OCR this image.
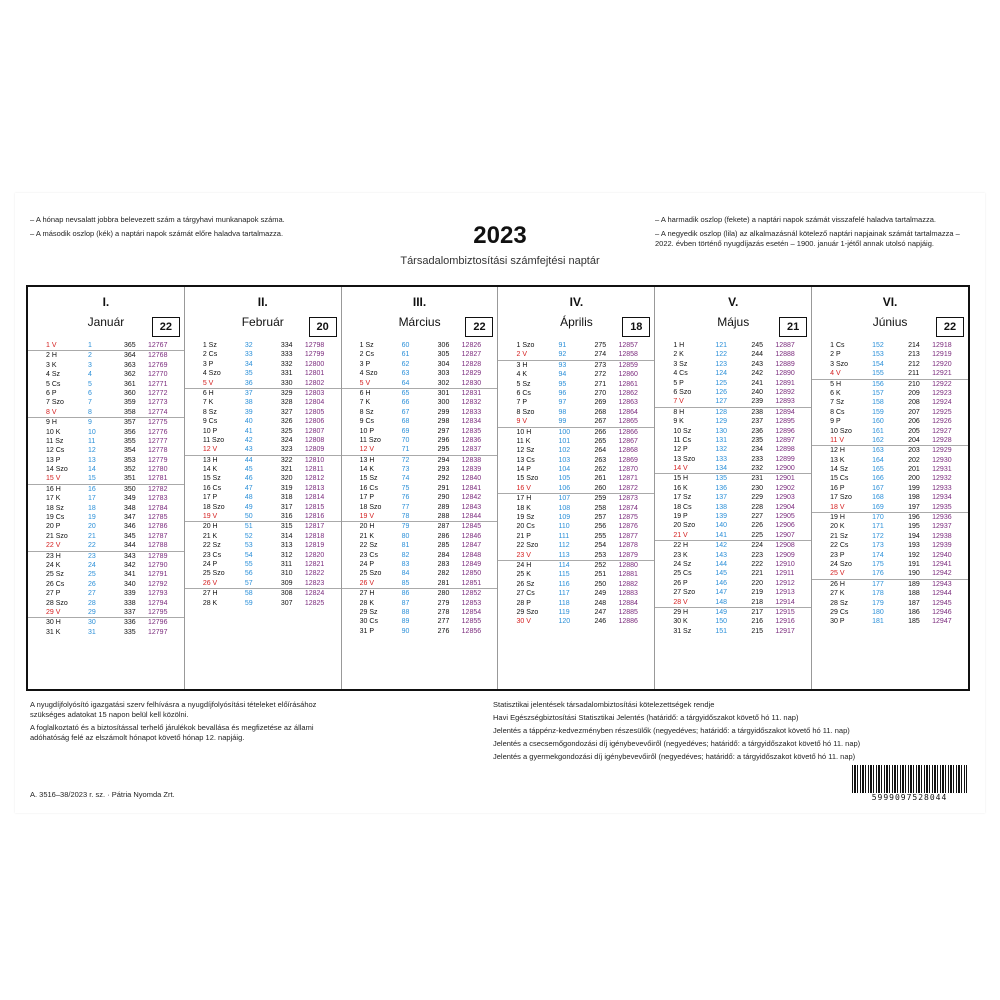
– A hónap nevsalatt jobbra belevezett szám a tárgyhavi munkanapok száma.

– A második oszlop (kék) a naptári napok számát előre haladva tartalmazza.

– A harmadik oszlop (fekete) a naptári napok számát visszafelé haladva tartalmazza.

– A negyedik oszlop (lila) az alkalmazásnál kötelező naptári napjainak számát tartalmazza – 2022. évben történő nyugdíjazás esetén – 1900. január 1-jétől annak utolsó napjáig.

2023
Társadalombiztosítási számfejtési naptár
I.
Január	22
1 V	1	365 12767
2 H	2	364 12768
3 K	3	363 12769
4 Sz	4	362 12770
5 Cs	5	361 12771
6 P	6	360 12772
7 Szo	7	359 12773
8 V	8	358 12774
9 H	9	357 12775
10 K	10	356 12776
11 Sz	11	355 12777
12 Cs	12	354 12778
13 P	13	353 12779
14 Szo	14	352 12780
15 V	15	351 12781
16 H	16	350 12782
17 K	17	349 12783
18 Sz	18	348 12784
19 Cs	19	347 12785
20 P	20	346 12786
21 Szo	21	345 12787
22 V	22	344 12788
23 H	23	343 12789
24 K	24	342 12790
25 Sz	25	341 12791
26 Cs	26	340 12792
27 P	27	339 12793
28 Szo	28	338 12794
29 V	29	337 12795
30 H	30	336 12796
31 K	31	335 12797
II.
Február	20
1 Sz	32	334 12798
2 Cs	33	333 12799
3 P	34	332 12800
4 Szo	35	331 12801
5 V	36	330 12802
6 H	37	329 12803
7 K	38	328 12804
8 Sz	39	327 12805
9 Cs	40	326 12806
10 P	41	325 12807
11 Szo	42	324 12808
12 V	43	323 12809
13 H	44	322 12810
14 K	45	321 12811
15 Sz	46	320 12812
16 Cs	47	319 12813
17 P	48	318 12814
18 Szo	49	317 12815
19 V	50	316 12816
20 H	51	315 12817
21 K	52	314 12818
22 Sz	53	313 12819
23 Cs	54	312 12820
24 P	55	311 12821
25 Szo	56	310 12822
26 V	57	309 12823
27 H	58	308 12824
28 K	59	307 12825
III.
Március	22
1 Sz	60	306 12826
2 Cs	61	305 12827
3 P	62	304 12828
4 Szo	63	303 12829
5 V	64	302 12830
6 H	65	301 12831
7 K	66	300 12832
8 Sz	67	299 12833
9 Cs	68	298 12834
10 P	69	297 12835
11 Szo	70	296 12836
12 V	71	295 12837
13 H	72	294 12838
14 K	73	293 12839
15 Sz	74	292 12840
16 Cs	75	291 12841
17 P	76	290 12842
18 Szo	77	289 12843
19 V	78	288 12844
20 H	79	287 12845
21 K	80	286 12846
22 Sz	81	285 12847
23 Cs	82	284 12848
24 P	83	283 12849
25 Szo	84	282 12850
26 V	85	281 12851
27 H	86	280 12852
28 K	87	279 12853
29 Sz	88	278 12854
30 Cs	89	277 12855
31 P	90	276 12856
IV.
Április	18
1 Szo	91	275 12857
2 V	92	274 12858
3 H	93	273 12859
4 K	94	272 12860
5 Sz	95	271 12861
6 Cs	96	270 12862
7 P	97	269 12863
8 Szo	98	268 12864
9 V	99	267 12865
10 H	100	266 12866
11 K	101	265 12867
12 Sz	102	264 12868
13 Cs	103	263 12869
14 P	104	262 12870
15 Szo	105	261 12871
16 V	106	260 12872
17 H	107	259 12873
18 K	108	258 12874
19 Sz	109	257 12875
20 Cs	110	256 12876
21 P	111	255 12877
22 Szo	112	254 12878
23 V	113	253 12879
24 H	114	252 12880
25 K	115	251 12881
26 Sz	116	250 12882
27 Cs	117	249 12883
28 P	118	248 12884
29 Szo	119	247 12885
30 V	120	246 12886
V.
Május	21
1 H	121	245 12887
2 K	122	244 12888
3 Sz	123	243 12889
4 Cs	124	242 12890
5 P	125	241 12891
6 Szo	126	240 12892
7 V	127	239 12893
8 H	128	238 12894
9 K	129	237 12895
10 Sz	130	236 12896
11 Cs	131	235 12897
12 P	132	234 12898
13 Szo	133	233 12899
14 V	134	232 12900
15 H	135	231 12901
16 K	136	230 12902
17 Sz	137	229 12903
18 Cs	138	228 12904
19 P	139	227 12905
20 Szo	140	226 12906
21 V	141	225 12907
22 H	142	224 12908
23 K	143	223 12909
24 Sz	144	222 12910
25 Cs	145	221 12911
26 P	146	220 12912
27 Szo	147	219 12913
28 V	148	218 12914
29 H	149	217 12915
30 K	150	216 12916
31 Sz	151	215 12917
VI.
Június	22
1 Cs	152	214 12918
2 P	153	213 12919
3 Szo	154	212 12920
4 V	155	211 12921
5 H	156	210 12922
6 K	157	209 12923
7 Sz	158	208 12924
8 Cs	159	207 12925
9 P	160	206 12926
10 Szo	161	205 12927
11 V	162	204 12928
12 H	163	203 12929
13 K	164	202 12930
14 Sz	165	201 12931
15 Cs	166	200 12932
16 P	167	199 12933
17 Szo	168	198 12934
18 V	169	197 12935
19 H	170	196 12936
20 K	171	195 12937
21 Sz	172	194 12938
22 Cs	173	193 12939
23 P	174	192 12940
24 Szo	175	191 12941
25 V	176	190 12942
26 H	177	189 12943
27 K	178	188 12944
28 Sz	179	187 12945
29 Cs	180	186 12946
30 P	181	185 12947

A nyugdíjfolyósító igazgatási szerv felhívásra a nyugdíjfolyósítási tételeket előírásához szükséges adatokat 15 napon belül kell közölni.

A foglalkoztató és a biztosítással terhelő járulékok bevallása és megfizetése az állami adóhatóság felé az elszámolt hónapot követő hónap 12. napjáig.

Statisztikai jelentések társadalombiztosítási kötelezettségek rendje

Havi Egészségbiztosítási Statisztikai Jelentés (határidő: a tárgyidőszakot követő hó 11. nap)

Jelentés a táppénz-kedvezményben részesülők (negyedéves; határidő: a tárgyidőszakot követő hó 11. nap)

Jelentés a csecsemőgondozási díj igénybevevőiről (negyedéves; határidő: a tárgyidőszakot követő hó 11. nap)

Jelentés a gyermekgondozási díj igénybevevőiről (negyedéves; határidő: a tárgyidőszakot követő hó 11. nap)

A. 3516–38/2023 r. sz. · Pátria Nyomda Zrt.	5999097528044
